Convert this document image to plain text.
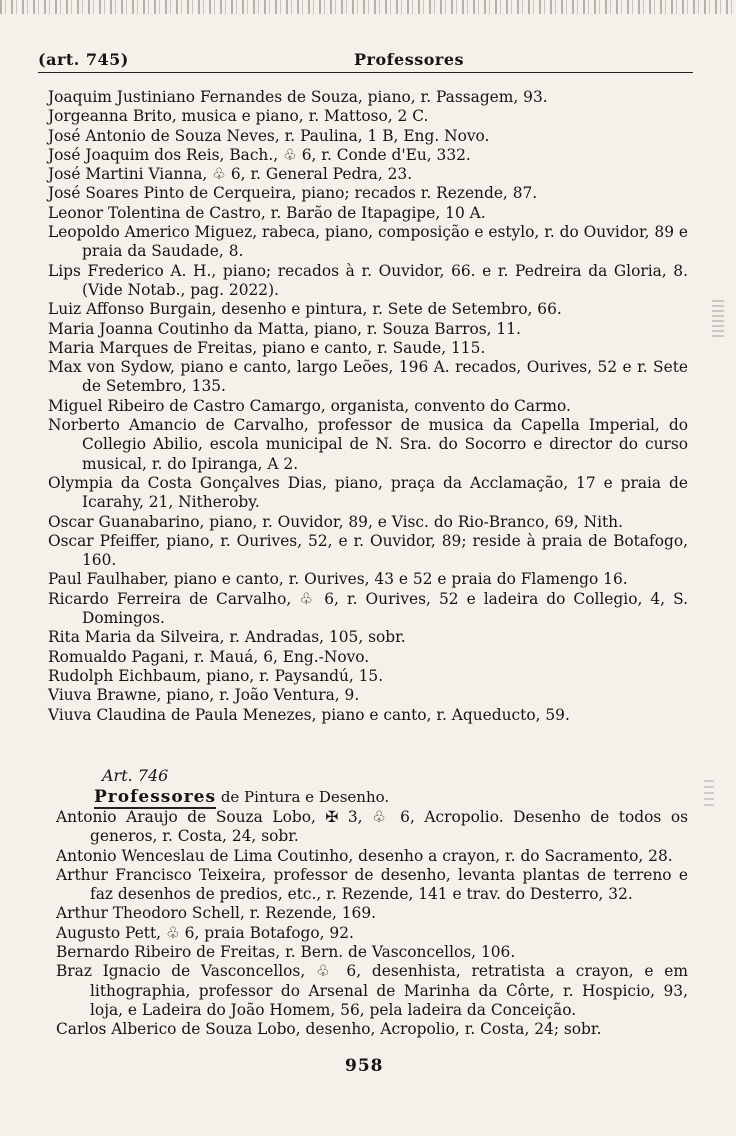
(art. 745)	Professores
Joaquim Justiniano Fernandes de Souza, piano, r. Passagem, 93.
Jorgeanna Brito, musica e piano, r. Mattoso, 2 C.
José Antonio de Souza Neves, r. Paulina, 1 B, Eng. Novo.
José Joaquim dos Reis, Bach., ♧ 6, r. Conde d'Eu, 332.
José Martini Vianna, ♧ 6, r. General Pedra, 23.
José Soares Pinto de Cerqueira, piano; recados r. Rezende, 87.
Leonor Tolentina de Castro, r. Barão de Itapagipe, 10 A.
Leopoldo Americo Miguez, rabeca, piano, composição e estylo, r. do Ouvidor, 89 e praia da Saudade, 8.
Lips Frederico A. H., piano; recados à r. Ouvidor, 66. e r. Pedreira da Gloria, 8. (Vide Notab., pag. 2022).
Luiz Affonso Burgain, desenho e pintura, r. Sete de Setembro, 66.
Maria Joanna Coutinho da Matta, piano, r. Souza Barros, 11.
Maria Marques de Freitas, piano e canto, r. Saude, 115.
Max von Sydow, piano e canto, largo Leões, 196 A. recados, Ourives, 52 e r. Sete de Setembro, 135.
Miguel Ribeiro de Castro Camargo, organista, convento do Carmo.
Norberto Amancio de Carvalho, professor de musica da Capella Imperial, do Collegio Abilio, escola municipal de N. Sra. do Socorro e director do curso musical, r. do Ipiranga, A 2.
Olympia da Costa Gonçalves Dias, piano, praça da Acclamação, 17 e praia de Icarahy, 21, Nitheroby.
Oscar Guanabarino, piano, r. Ouvidor, 89, e Visc. do Rio-Branco, 69, Nith.
Oscar Pfeiffer, piano, r. Ourives, 52, e r. Ouvidor, 89; reside à praia de Botafogo, 160.
Paul Faulhaber, piano e canto, r. Ourives, 43 e 52 e praia do Flamengo 16.
Ricardo Ferreira de Carvalho, ♧ 6, r. Ourives, 52 e ladeira do Collegio, 4, S. Domingos.
Rita Maria da Silveira, r. Andradas, 105, sobr.
Romualdo Pagani, r. Mauá, 6, Eng.-Novo.
Rudolph Eichbaum, piano, r. Paysandú, 15.
Viuva Brawne, piano, r. João Ventura, 9.
Viuva Claudina de Paula Menezes, piano e canto, r. Aqueducto, 59.
Art. 746
Professores de Pintura e Desenho.
Antonio Araujo de Souza Lobo, ✠ 3, ♧ 6, Acropolio. Desenho de todos os generos, r. Costa, 24, sobr.
Antonio Wenceslau de Lima Coutinho, desenho a crayon, r. do Sacramento, 28.
Arthur Francisco Teixeira, professor de desenho, levanta plantas de terreno e faz desenhos de predios, etc., r. Rezende, 141 e trav. do Desterro, 32.
Arthur Theodoro Schell, r. Rezende, 169.
Augusto Pett, ♧ 6, praia Botafogo, 92.
Bernardo Ribeiro de Freitas, r. Bern. de Vasconcellos, 106.
Braz Ignacio de Vasconcellos, ♧ 6, desenhista, retratista a crayon, e em lithographia, professor do Arsenal de Marinha da Côrte, r. Hospicio, 93, loja, e Ladeira do João Homem, 56, pela ladeira da Conceição.
Carlos Alberico de Souza Lobo, desenho, Acropolio, r. Costa, 24; sobr.
958
